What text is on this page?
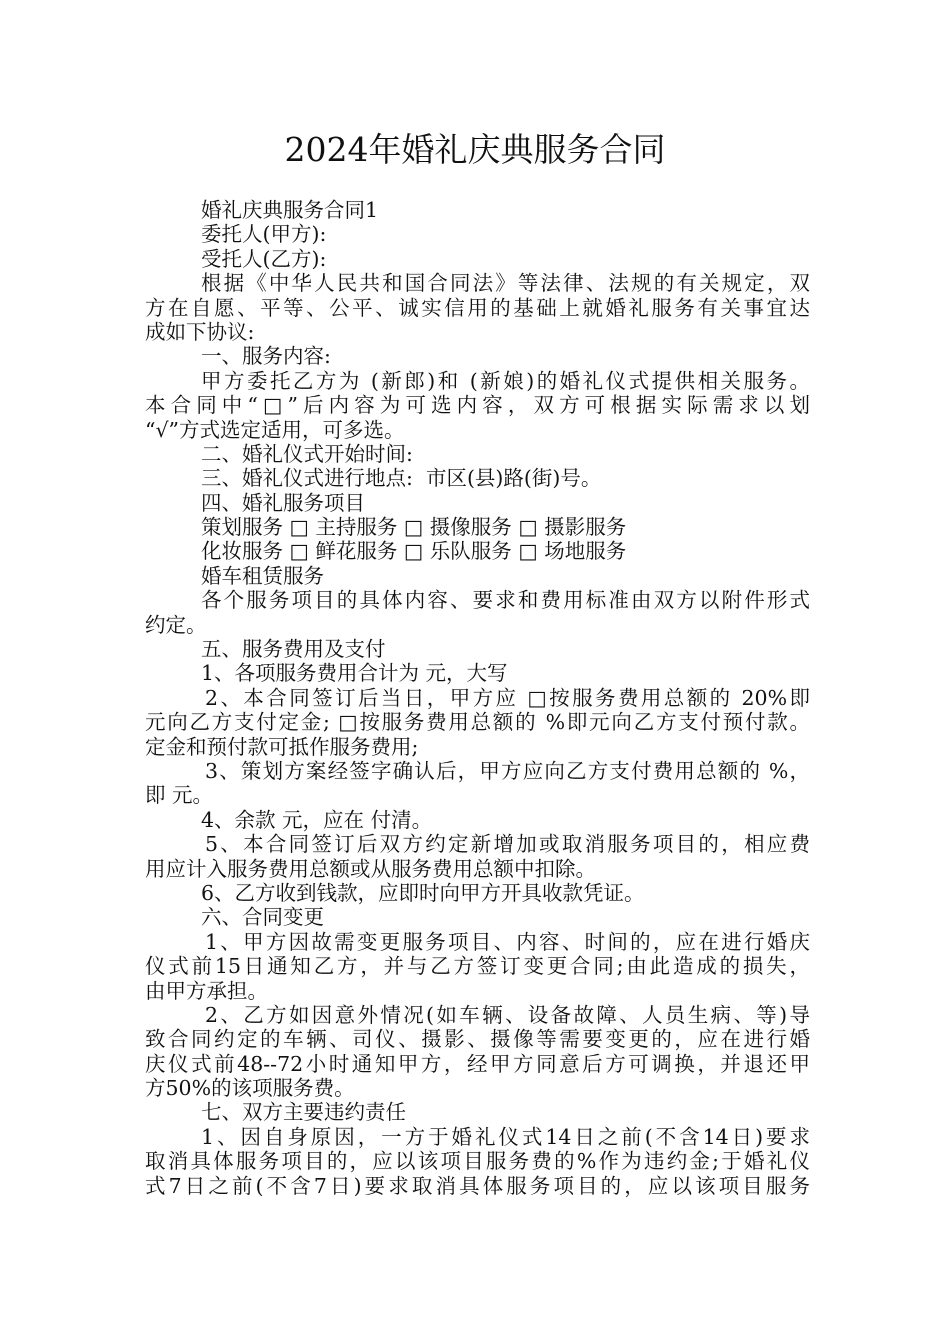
2024年婚礼庆典服务合同

婚礼庆典服务合同1

委托人(甲方):

受托人(乙方):

根据《中华人民共和国合同法》等法律、法规的有关规定，双

方在自愿、平等、公平、诚实信用的基础上就婚礼服务有关事宜达

成如下协议:

一、服务内容:

甲方委托乙方为 (新郎)和 (新娘)的婚礼仪式提供相关服务。

本合同中“□”后内容为可选内容，双方可根据实际需求以划

“√”方式选定适用，可多选。

二、婚礼仪式开始时间:

三、婚礼仪式进行地点:  市区(县)路(街)号。

四、婚礼服务项目

策划服务 □ 主持服务 □ 摄像服务 □ 摄影服务

化妆服务 □ 鲜花服务 □ 乐队服务 □ 场地服务

婚车租赁服务

各个服务项目的具体内容、要求和费用标准由双方以附件形式

约定。

五、服务费用及支付

1、各项服务费用合计为 元，大写

2、本合同签订后当日，甲方应 □按服务费用总额的 20%即

元向乙方支付定金; □按服务费用总额的 %即元向乙方支付预付款。

定金和预付款可抵作服务费用;

3、策划方案经签字确认后，甲方应向乙方支付费用总额的 %，

即 元。

4、余款 元，应在 付清。

5、本合同签订后双方约定新增加或取消服务项目的，相应费

用应计入服务费用总额或从服务费用总额中扣除。

6、乙方收到钱款，应即时向甲方开具收款凭证。

六、合同变更

1、甲方因故需变更服务项目、内容、时间的，应在进行婚庆

仪式前15日通知乙方，并与乙方签订变更合同;由此造成的损失，

由甲方承担。

2、乙方如因意外情况(如车辆、设备故障、人员生病、等)导

致合同约定的车辆、司仪、摄影、摄像等需要变更的，应在进行婚

庆仪式前48--72小时通知甲方，经甲方同意后方可调换，并退还甲

方50%的该项服务费。

七、双方主要违约责任

1、因自身原因，一方于婚礼仪式14日之前(不含14日)要求

取消具体服务项目的，应以该项目服务费的%作为违约金;于婚礼仪

式7日之前(不含7日)要求取消具体服务项目的，应以该项目服务
